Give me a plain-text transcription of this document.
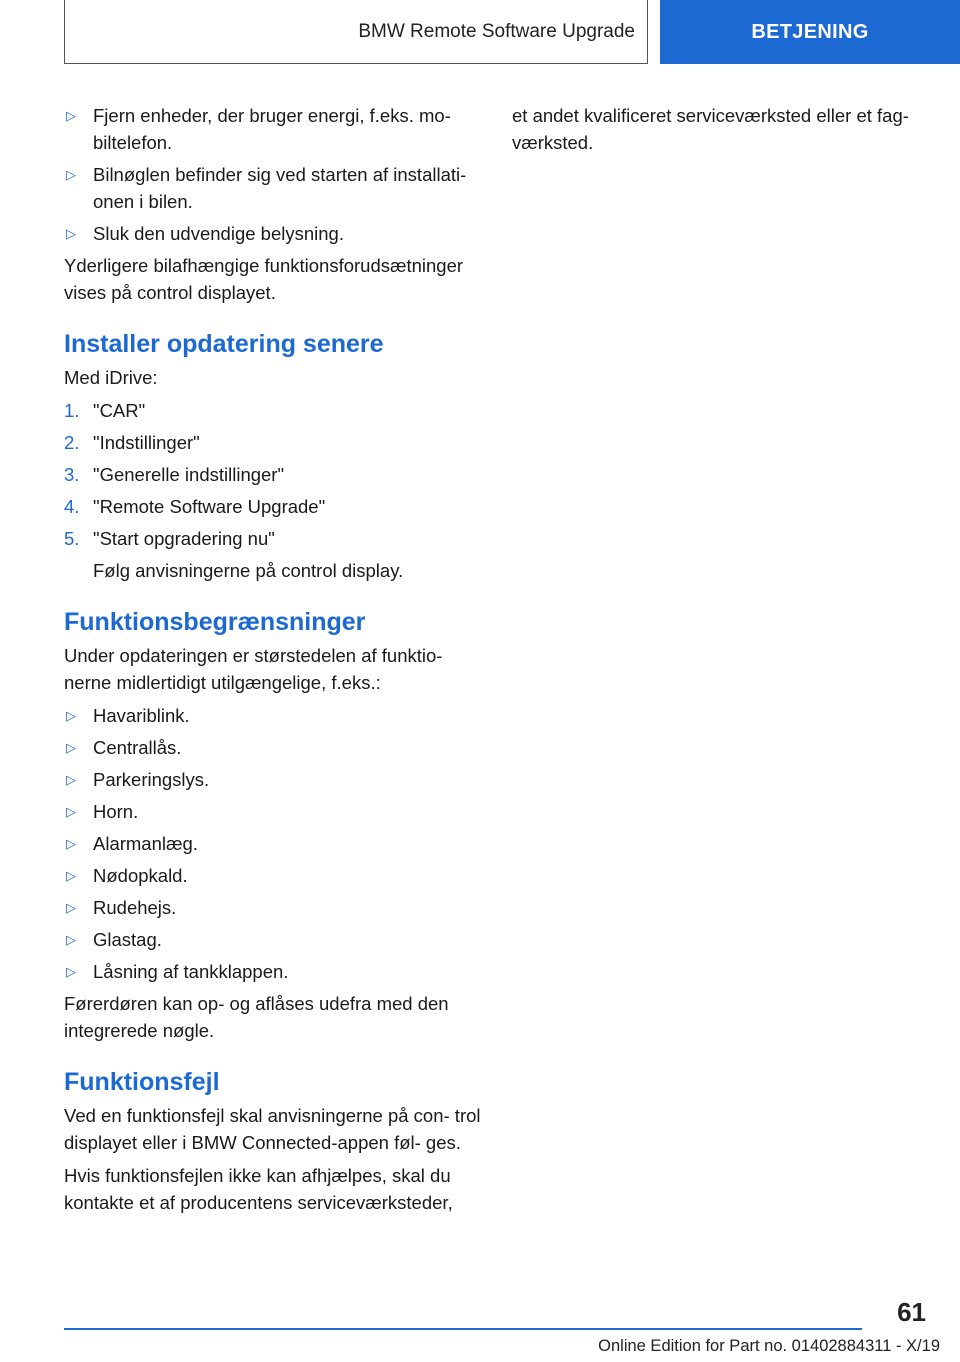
BMW Remote Software Upgrade	BETJENING
▷ Fjern enheder, der bruger energi, f.eks. mo‐ biltelefon.
▷ Bilnøglen befinder sig ved starten af installati‐ onen i bilen.
▷ Sluk den udvendige belysning.

Yderligere bilafhængige funktionsforudsætninger vises på control displayet.

Installer opdatering senere

Med iDrive:

1. "CAR"
2. "Indstillinger"
3. "Generelle indstillinger"
4. "Remote Software Upgrade"
5. "Start opgradering nu"
Følg anvisningerne på control display.
Funktionsbegrænsninger

Under opdateringen er størstedelen af funktio‐ nerne midlertidigt utilgængelige, f.eks.:

▷ Havariblink.
▷ Centrallås.
▷ Parkeringslys.
▷ Horn.
▷ Alarmanlæg.
▷ Nødopkald.
▷ Rudehejs.
▷ Glastag.
▷ Låsning af tankklappen.

Førerdøren kan op- og aflåses udefra med den integrerede nøgle.

Funktionsfejl

Ved en funktionsfejl skal anvisningerne på con‐ trol displayet eller i BMW Connected-appen føl‐ ges.

Hvis funktionsfejlen ikke kan afhjælpes, skal du kontakte et af producentens serviceværksteder,

et andet kvalificeret serviceværksted eller et fag‐ værksted.

61
Online Edition for Part no. 01402884311 - X/19
